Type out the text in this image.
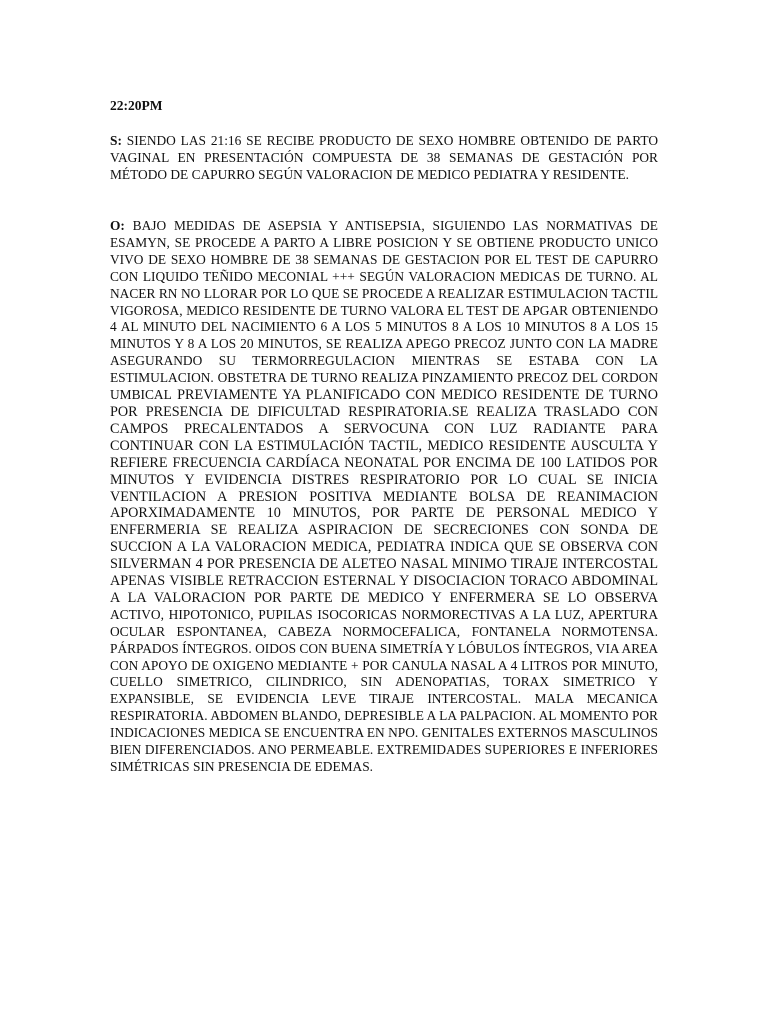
22:20PM

S: SIENDO LAS 21:16 SE RECIBE PRODUCTO DE SEXO HOMBRE OBTENIDO DE PARTO VAGINAL EN PRESENTACIÓN COMPUESTA DE 38 SEMANAS DE GESTACIÓN POR MÉTODO DE CAPURRO SEGÚN VALORACION DE MEDICO PEDIATRA Y RESIDENTE.

O: BAJO MEDIDAS DE ASEPSIA Y ANTISEPSIA, SIGUIENDO LAS NORMATIVAS DE ESAMYN, SE PROCEDE A PARTO A LIBRE POSICION Y SE OBTIENE PRODUCTO UNICO VIVO DE SEXO HOMBRE DE 38 SEMANAS DE GESTACION POR EL TEST DE CAPURRO CON LIQUIDO TEÑIDO MECONIAL +++ SEGÚN VALORACION MEDICAS DE TURNO. AL NACER RN NO LLORAR POR LO QUE SE PROCEDE A REALIZAR ESTIMULACION TACTIL VIGOROSA, MEDICO RESIDENTE DE TURNO VALORA EL TEST DE APGAR OBTENIENDO 4 AL MINUTO DEL NACIMIENTO 6 A LOS 5 MINUTOS 8 A LOS 10 MINUTOS 8 A LOS 15 MINUTOS Y 8 A LOS 20 MINUTOS, SE REALIZA APEGO PRECOZ JUNTO CON LA MADRE ASEGURANDO SU TERMORREGULACION MIENTRAS SE ESTABA CON LA ESTIMULACION. OBSTETRA DE TURNO REALIZA PINZAMIENTO PRECOZ DEL CORDON UMBICAL PREVIAMENTE YA PLANIFICADO CON MEDICO RESIDENTE DE TURNO POR PRESENCIA DE DIFICULTAD RESPIRATORIA.SE REALIZA TRASLADO CON CAMPOS PRECALENTADOS A SERVOCUNA CON LUZ RADIANTE PARA CONTINUAR CON LA ESTIMULACIÓN TACTIL, MEDICO RESIDENTE AUSCULTA Y REFIERE FRECUENCIA CARDÍACA NEONATAL POR ENCIMA DE 100 LATIDOS POR MINUTOS Y EVIDENCIA DISTRES RESPIRATORIO POR LO CUAL SE INICIA VENTILACION A PRESION POSITIVA MEDIANTE BOLSA DE REANIMACION APORXIMADAMENTE 10 MINUTOS, POR PARTE DE PERSONAL MEDICO Y ENFERMERIA SE REALIZA ASPIRACION DE SECRECIONES CON SONDA DE SUCCION A LA VALORACION MEDICA, PEDIATRA INDICA QUE SE OBSERVA CON SILVERMAN 4 POR PRESENCIA DE ALETEO NASAL MINIMO TIRAJE INTERCOSTAL APENAS VISIBLE RETRACCION ESTERNAL Y DISOCIACION TORACO ABDOMINAL A LA VALORACION POR PARTE DE MEDICO Y ENFERMERA SE LO OBSERVA ACTIVO, HIPOTONICO, PUPILAS ISOCORICAS NORMORECTIVAS A LA LUZ, APERTURA OCULAR ESPONTANEA, CABEZA NORMOCEFALICA, FONTANELA NORMOTENSA. PÁRPADOS ÍNTEGROS. OIDOS CON BUENA SIMETRÍA Y LÓBULOS ÍNTEGROS, VIA AREA CON APOYO DE OXIGENO MEDIANTE + POR CANULA NASAL A 4 LITROS POR MINUTO, CUELLO SIMETRICO, CILINDRICO, SIN ADENOPATIAS, TORAX SIMETRICO Y EXPANSIBLE, SE EVIDENCIA LEVE TIRAJE INTERCOSTAL. MALA MECANICA RESPIRATORIA. ABDOMEN BLANDO, DEPRESIBLE A LA PALPACION. AL MOMENTO POR INDICACIONES MEDICA SE ENCUENTRA EN NPO. GENITALES EXTERNOS MASCULINOS BIEN DIFERENCIADOS. ANO PERMEABLE. EXTREMIDADES SUPERIORES E INFERIORES SIMÉTRICAS SIN PRESENCIA DE EDEMAS.
